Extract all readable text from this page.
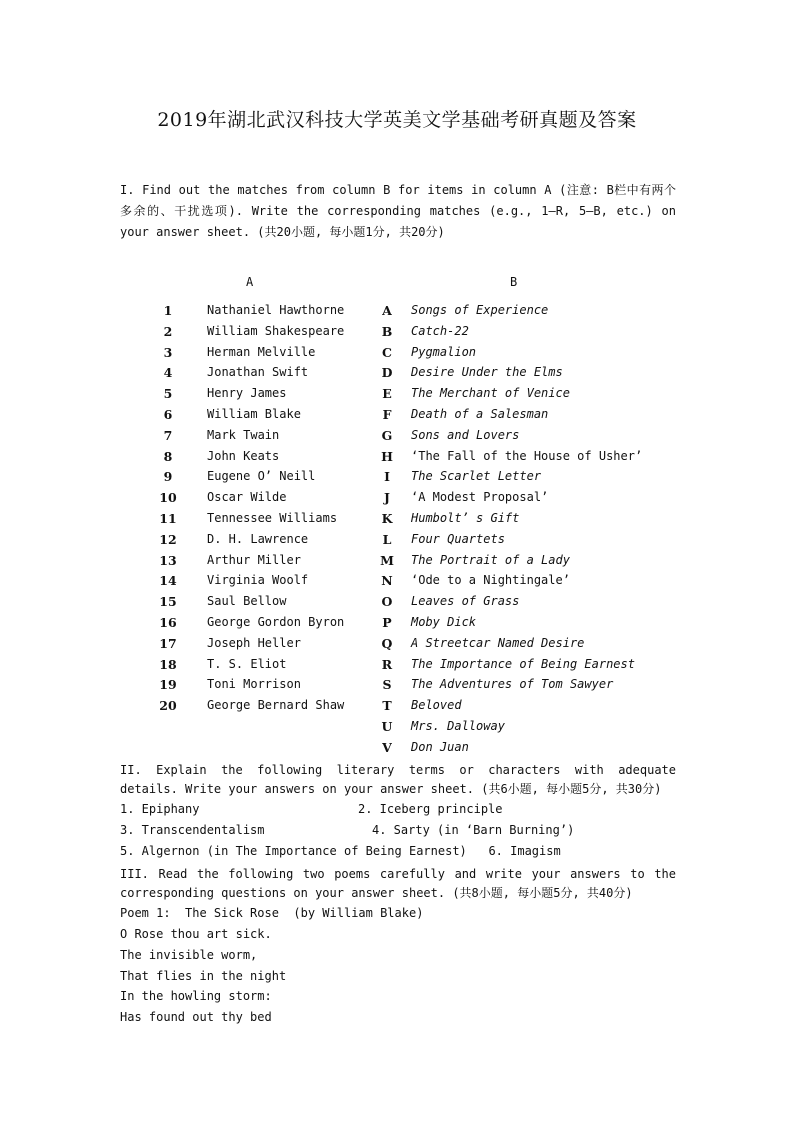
2019年湖北武汉科技大学英美文学基础考研真题及答案

I. Find out the matches from column B for items in column A (注意: B栏中有两个多余的、干扰选项). Write the corresponding matches (e.g., 1—R, 5—B, etc.) on your answer sheet. (共20小题, 每小题1分, 共20分)

A	B
1	Nathaniel Hawthorne	A	Songs of Experience
2	William Shakespeare	B	Catch-22
3	Herman Melville	C	Pygmalion
4	Jonathan Swift	D Desire Under the Elms
5	Henry James	E	The Merchant of Venice
6	William Blake	F	Death of a Salesman
7	Mark Twain	G	Sons and Lovers
8	John Keats	H ‘The Fall of the House of Usher’
9	Eugene O’ Neill	I	The Scarlet Letter
10	Oscar Wilde	J	‘A Modest Proposal’
11	Tennessee Williams	K Humbolt’ s Gift
12	D. H. Lawrence	L	Four Quartets
13	Arthur Miller	M The Portrait of a Lady
14	Virginia Woolf	N ‘Ode to a Nightingale’
15	Saul Bellow	O Leaves of Grass
16	George Gordon Byron	P	Moby Dick
17	Joseph Heller	Q A Streetcar Named Desire
18	T. S. Eliot	R	The Importance of Being Earnest
19	Toni Morrison	S	The Adventures of Tom Sawyer
20	George Bernard Shaw	T	Beloved
U Mrs. Dalloway
V	Don Juan

II. Explain the following literary terms or characters with adequate details. Write your answers on your answer sheet. (共6小题, 每小题5分, 共30分)

1. Epiphany	2. Iceberg principle
3. Transcendentalism	4. Sarty (in ‘Barn Burning’)
5. Algernon (in The Importance of Being Earnest)   6. Imagism

III. Read the following two poems carefully and write your answers to the corresponding questions on your answer sheet. (共8小题, 每小题5分, 共40分)

Poem 1:  The Sick Rose  (by William Blake)
O Rose thou art sick.
The invisible worm,
That flies in the night
In the howling storm:
Has found out thy bed
